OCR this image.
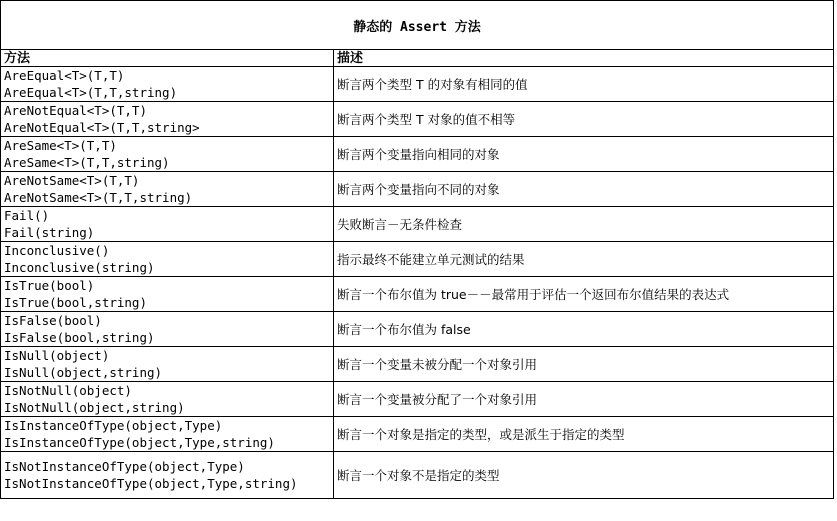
静态的 Assert 方法	
方法	描述

AreEqual<T>(T,T)
AreEqual<T>(T,T,string)	断言两个类型 T 的对象有相同的值

AreNotEqual<T>(T,T)
AreNotEqual<T>(T,T,string>	断言两个类型 T 对象的值不相等

AreSame<T>(T,T)
AreSame<T>(T,T,string)	断言两个变量指向相同的对象

AreNotSame<T>(T,T)
AreNotSame<T>(T,T,string)	断言两个变量指向不同的对象

Fail()
Fail(string)	失败断言－无条件检查

Inconclusive()
Inconclusive(string)	指示最终不能建立单元测试的结果

IsTrue(bool)
IsTrue(bool,string)	断言一个布尔值为 true－－最常用于评估一个返回布尔值结果的表达式

IsFalse(bool)
IsFalse(bool,string)	断言一个布尔值为 false

IsNull(object)
IsNull(object,string)	断言一个变量未被分配一个对象引用

IsNotNull(object)
IsNotNull(object,string)	断言一个变量被分配了一个对象引用

IsInstanceOfType(object,Type)
IsInstanceOfType(object,Type,string)	断言一个对象是指定的类型，或是派生于指定的类型

IsNotInstanceOfType(object,Type)
IsNotInstanceOfType(object,Type,string)	断言一个对象不是指定的类型
